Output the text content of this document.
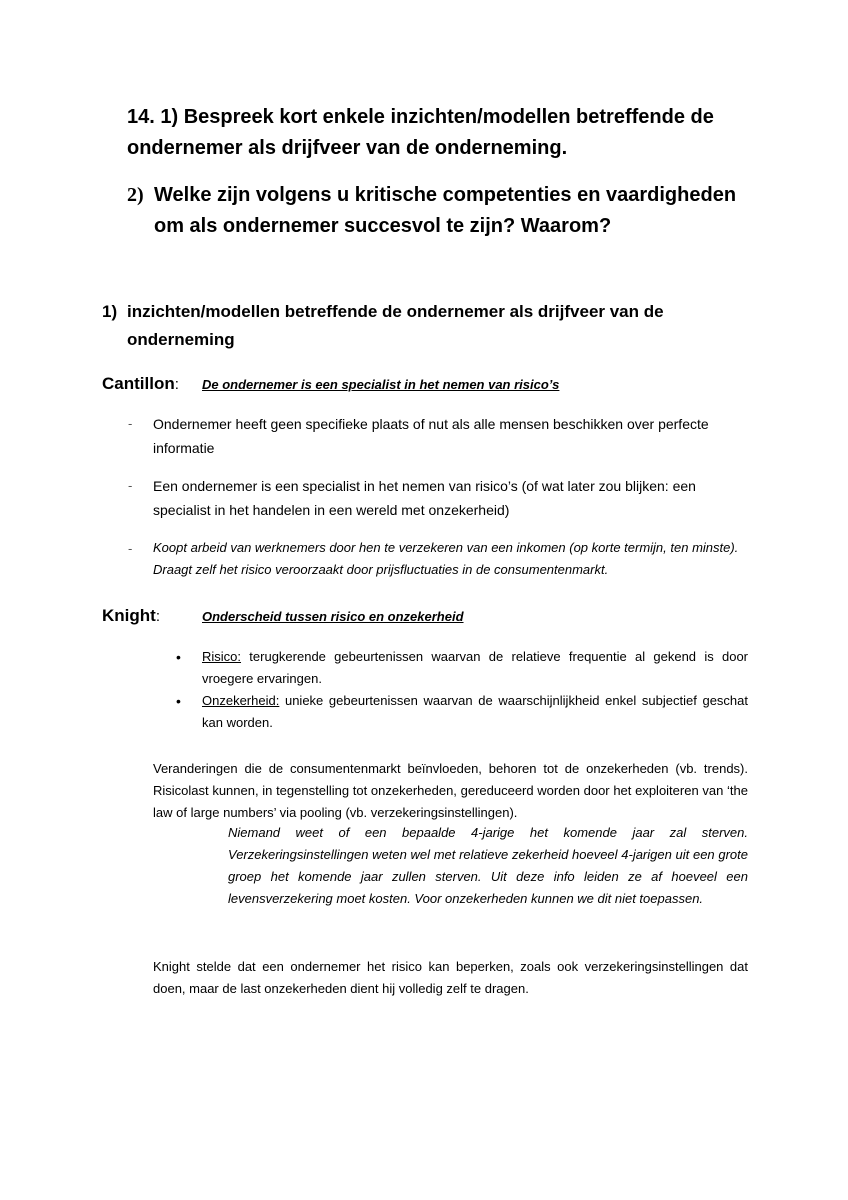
14. 1) Bespreek kort enkele inzichten/modellen betreffende de ondernemer als drijfveer van de onderneming.
2) Welke zijn volgens u kritische competenties en vaardigheden om als ondernemer succesvol te zijn? Waarom?
1) inzichten/modellen betreffende de ondernemer als drijfveer van de onderneming
Cantillon: De ondernemer is een specialist in het nemen van risico’s
- Ondernemer heeft geen specifieke plaats of nut als alle mensen beschikken over perfecte informatie
- Een ondernemer is een specialist in het nemen van risico’s (of wat later zou blijken: een specialist in het handelen in een wereld met onzekerheid)
- Koopt arbeid van werknemers door hen te verzekeren van een inkomen (op korte termijn, ten minste). Draagt zelf het risico veroorzaakt door prijsfluctuaties in de consumentenmarkt.
Knight:	Onderscheid tussen risico en onzekerheid
• Risico: terugkerende gebeurtenissen waarvan de relatieve frequentie al gekend is door vroegere ervaringen.
• Onzekerheid: unieke gebeurtenissen waarvan de waarschijnlijkheid enkel subjectief geschat kan worden.
Veranderingen die de consumentenmarkt beïnvloeden, behoren tot de onzekerheden (vb. trends). Risicolast kunnen, in tegenstelling tot onzekerheden, gereduceerd worden door het exploiteren van ‘the law of large numbers’ via pooling (vb. verzekeringsinstellingen).
Niemand weet of een bepaalde 4-jarige het komende jaar zal sterven. Verzekeringsinstellingen weten wel met relatieve zekerheid hoeveel 4-jarigen uit een grote groep het komende jaar zullen sterven. Uit deze info leiden ze af hoeveel een levensverzekering moet kosten. Voor onzekerheden kunnen we dit niet toepassen.
Knight stelde dat een ondernemer het risico kan beperken, zoals ook verzekeringsinstellingen dat doen, maar de last onzekerheden dient hij volledig zelf te dragen.
